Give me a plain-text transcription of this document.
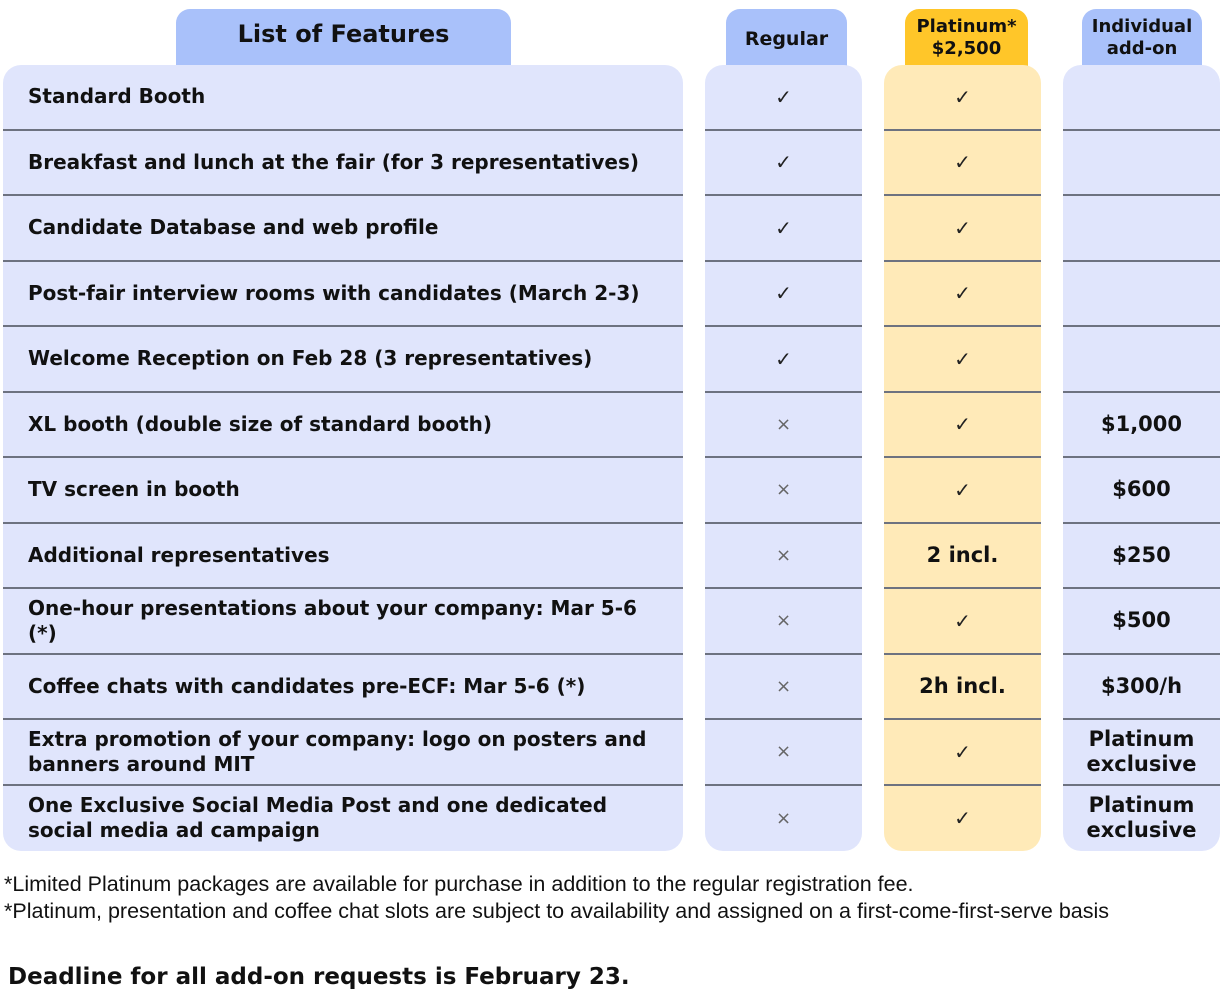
List of Features	Regular
Platinum*
$2,500
Individual
add-on
Standard Booth
Breakfast and lunch at the fair (for 3 representatives)
Candidate Database and web profile
Post-fair interview rooms with candidates (March 2-3)
Welcome Reception on Feb 28 (3 representatives)
XL booth (double size of standard booth)
TV screen in booth
Additional representatives
One-hour presentations about your company: Mar 5-6 (*)
Coffee chats with candidates pre-ECF: Mar 5-6 (*)
Extra promotion of your company: logo on posters and banners around MIT
One Exclusive Social Media Post and one dedicated social media ad campaign
✓
✓
✓
✓
✓
×
×
×
×
×
×
×
✓
✓
✓
✓
✓
✓
✓
2 incl.
✓
2h incl.
✓
✓
$1,000
$600
$250
$500
$300/h
Platinum exclusive
Platinum exclusive
*Limited Platinum packages are available for purchase in addition to the regular registration fee.
*Platinum, presentation and coffee chat slots are subject to availability and assigned on a first-come-first-serve basis
Deadline for all add-on requests is February 23.
